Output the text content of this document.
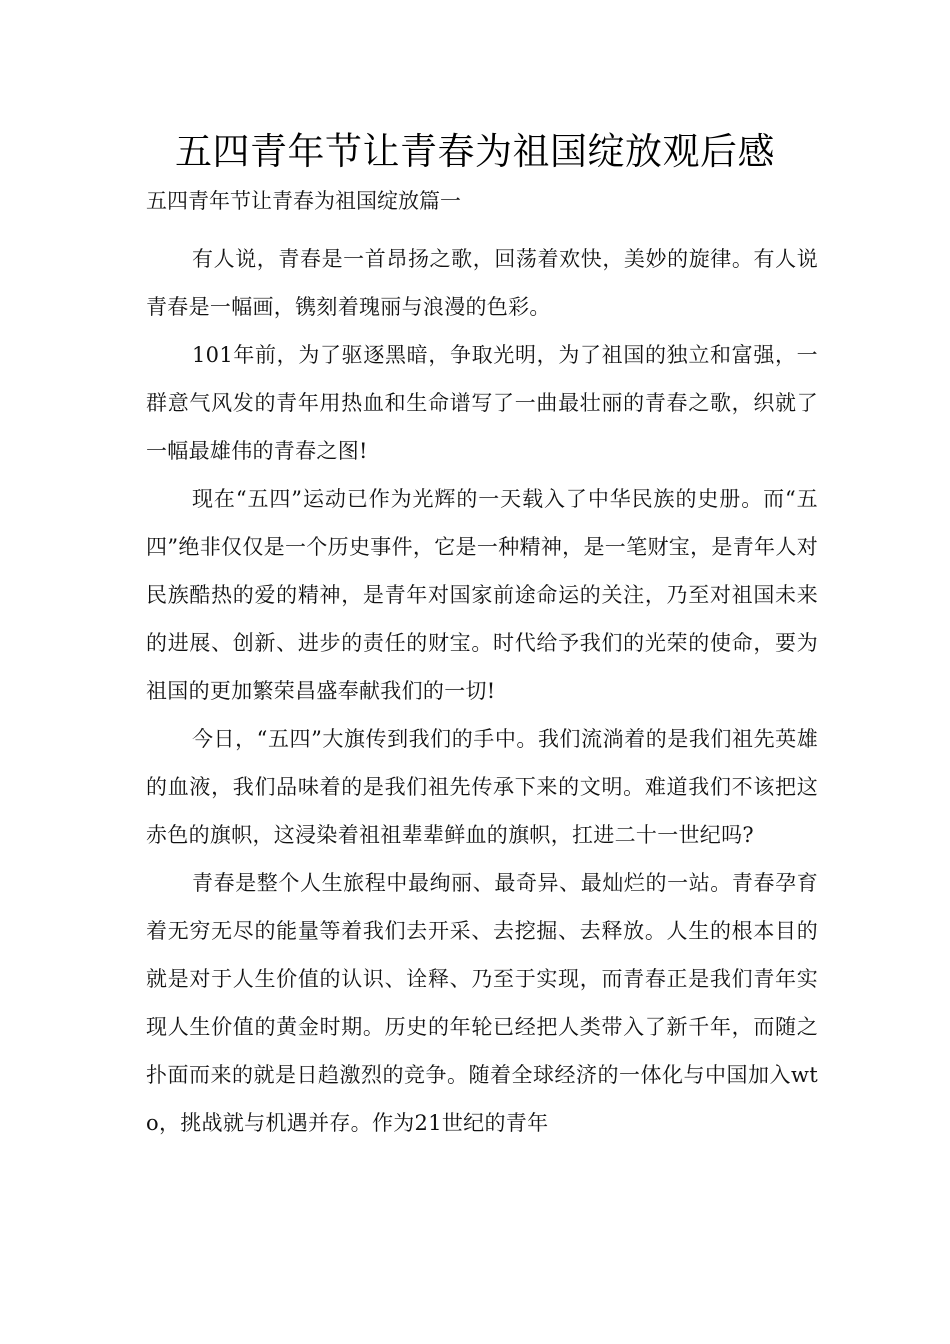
五四青年节让青春为祖国绽放观后感
五四青年节让青春为祖国绽放篇一

有人说，青春是一首昂扬之歌，回荡着欢快，美妙的旋律。有人说青春是一幅画，镌刻着瑰丽与浪漫的色彩。

101年前，为了驱逐黑暗，争取光明，为了祖国的独立和富强，一群意气风发的青年用热血和生命谱写了一曲最壮丽的青春之歌，织就了一幅最雄伟的青春之图!

现在“五四”运动已作为光辉的一天载入了中华民族的史册。而“五四”绝非仅仅是一个历史事件，它是一种精神，是一笔财宝，是青年人对民族酷热的爱的精神，是青年对国家前途命运的关注，乃至对祖国未来的进展、创新、进步的责任的财宝。时代给予我们的光荣的使命，要为祖国的更加繁荣昌盛奉献我们的一切!

今日，“五四”大旗传到我们的手中。我们流淌着的是我们祖先英雄的血液，我们品味着的是我们祖先传承下来的文明。难道我们不该把这赤色的旗帜，这浸染着祖祖辈辈鲜血的旗帜，扛进二十一世纪吗?

青春是整个人生旅程中最绚丽、最奇异、最灿烂的一站。青春孕育着无穷无尽的能量等着我们去开采、去挖掘、去释放。人生的根本目的就是对于人生价值的认识、诠释、乃至于实现，而青春正是我们青年实现人生价值的黄金时期。历史的年轮已经把人类带入了新千年，而随之扑面而来的就是日趋激烈的竞争。随着全球经济的一体化与中国加入wto，挑战就与机遇并存。作为21世纪的青年
